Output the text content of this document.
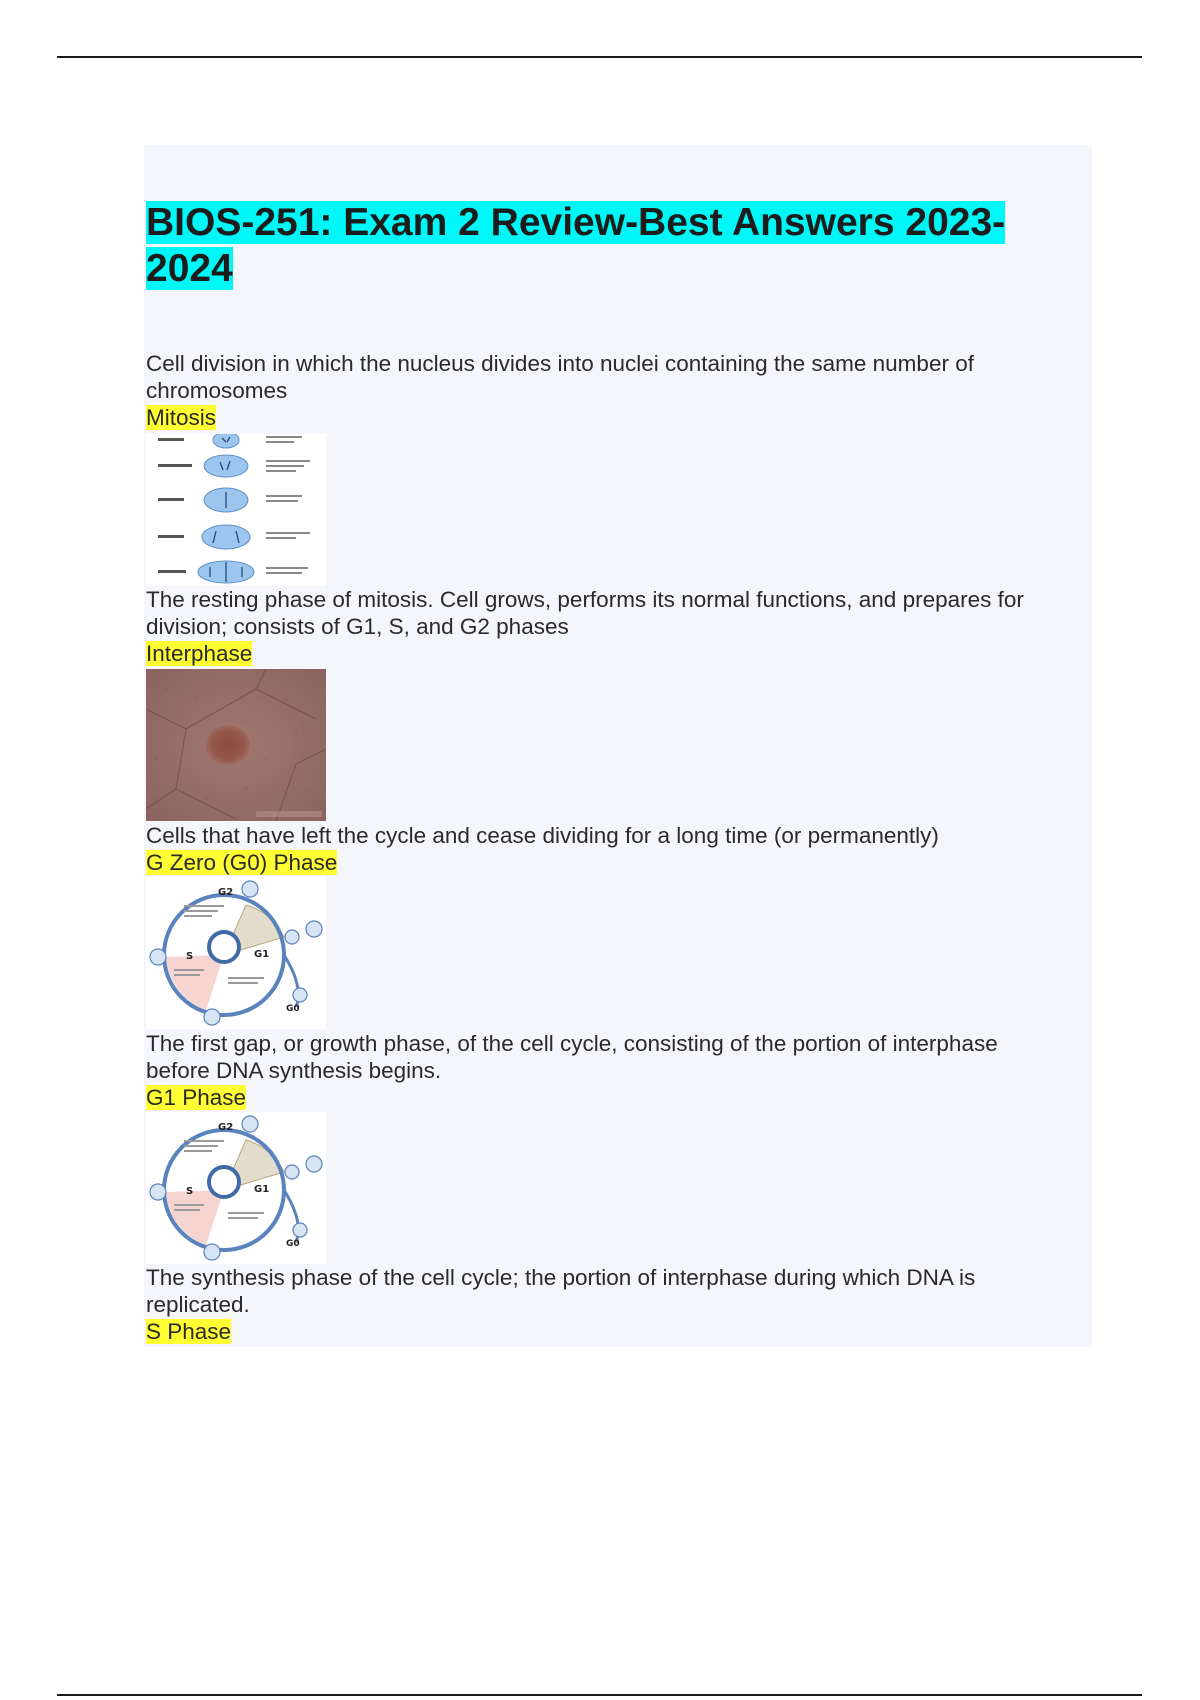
BIOS-251: Exam 2 Review-Best Answers 2023-2024

Cell division in which the nucleus divides into nuclei containing the same number of chromosomes

Mitosis

The resting phase of mitosis. Cell grows, performs its normal functions, and prepares for division; consists of G1, S, and G2 phases

Interphase

Cells that have left the cycle and cease dividing for a long time (or permanently)

G Zero (G0) Phase

G2
S	G1
G0

The first gap, or growth phase, of the cell cycle, consisting of the portion of interphase before DNA synthesis begins.

G1 Phase

G2
S	G1
G0

The synthesis phase of the cell cycle; the portion of interphase during which DNA is replicated.

S Phase
